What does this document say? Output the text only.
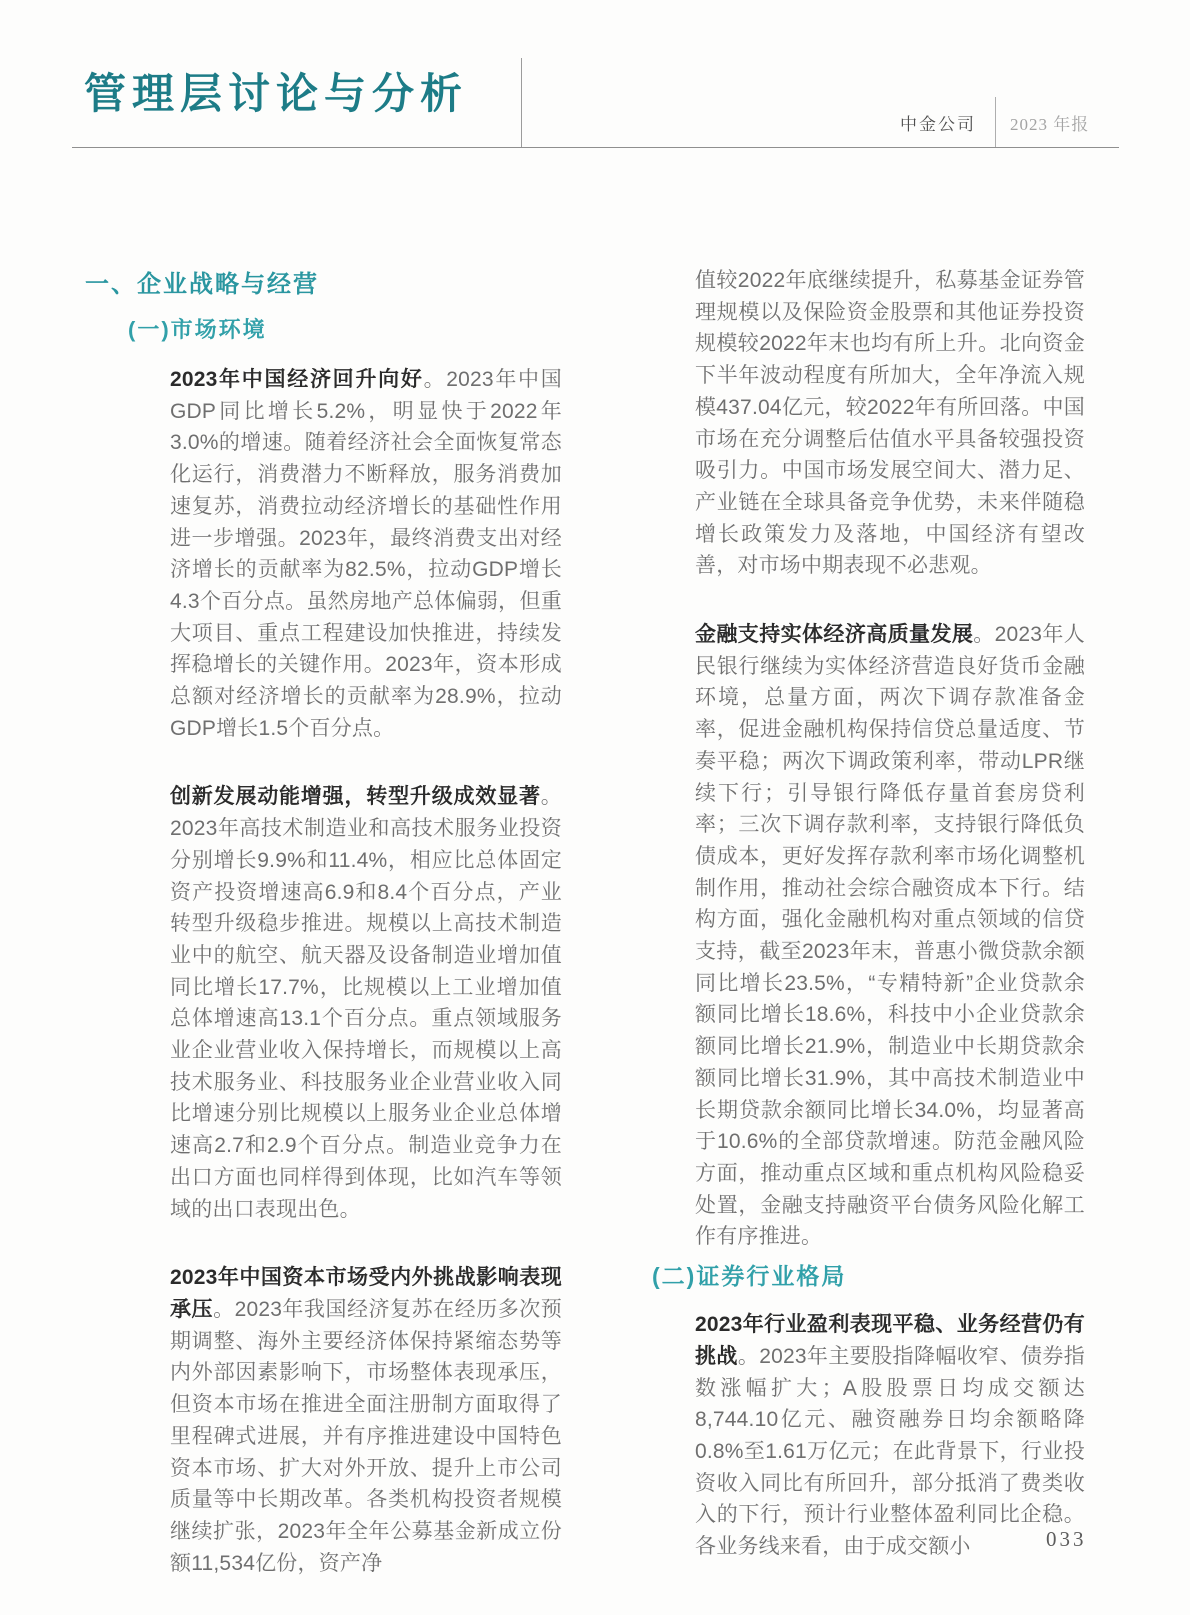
管理层讨论与分析
中金公司 2023 年报
一、企业战略与经营
(一)市场环境

2023年中国经济回升向好。2023年中国GDP同比增长5.2%，明显快于2022年3.0%的增速。随着经济社会全面恢复常态化运行，消费潜力不断释放，服务消费加速复苏，消费拉动经济增长的基础性作用进一步增强。2023年，最终消费支出对经济增长的贡献率为82.5%，拉动GDP增长4.3个百分点。虽然房地产总体偏弱，但重大项目、重点工程建设加快推进，持续发挥稳增长的关键作用。2023年，资本形成总额对经济增长的贡献率为28.9%，拉动GDP增长1.5个百分点。

创新发展动能增强，转型升级成效显著。2023年高技术制造业和高技术服务业投资分别增长9.9%和11.4%，相应比总体固定资产投资增速高6.9和8.4个百分点，产业转型升级稳步推进。规模以上高技术制造业中的航空、航天器及设备制造业增加值同比增长17.7%，比规模以上工业增加值总体增速高13.1个百分点。重点领域服务业企业营业收入保持增长，而规模以上高技术服务业、科技服务业企业营业收入同比增速分别比规模以上服务业企业总体增速高2.7和2.9个百分点。制造业竞争力在出口方面也同样得到体现，比如汽车等领域的出口表现出色。

2023年中国资本市场受内外挑战影响表现承压。2023年我国经济复苏在经历多次预期调整、海外主要经济体保持紧缩态势等内外部因素影响下，市场整体表现承压，但资本市场在推进全面注册制方面取得了里程碑式进展，并有序推进建设中国特色资本市场、扩大对外开放、提升上市公司质量等中长期改革。各类机构投资者规模继续扩张，2023年全年公募基金新成立份额11,534亿份，资产净

值较2022年底继续提升，私募基金证券管理规模以及保险资金股票和其他证券投资规模较2022年末也均有所上升。北向资金下半年波动程度有所加大，全年净流入规模437.04亿元，较2022年有所回落。中国市场在充分调整后估值水平具备较强投资吸引力。中国市场发展空间大、潜力足、产业链在全球具备竞争优势，未来伴随稳增长政策发力及落地，中国经济有望改善，对市场中期表现不必悲观。

金融支持实体经济高质量发展。2023年人民银行继续为实体经济营造良好货币金融环境，总量方面，两次下调存款准备金率，促进金融机构保持信贷总量适度、节奏平稳；两次下调政策利率，带动LPR继续下行；引导银行降低存量首套房贷利率；三次下调存款利率，支持银行降低负债成本，更好发挥存款利率市场化调整机制作用，推动社会综合融资成本下行。结构方面，强化金融机构对重点领域的信贷支持，截至2023年末，普惠小微贷款余额同比增长23.5%，“专精特新”企业贷款余额同比增长18.6%，科技中小企业贷款余额同比增长21.9%，制造业中长期贷款余额同比增长31.9%，其中高技术制造业中长期贷款余额同比增长34.0%，均显著高于10.6%的全部贷款增速。防范金融风险方面，推动重点区域和重点机构风险稳妥处置，金融支持融资平台债务风险化解工作有序推进。

(二)证券行业格局

2023年行业盈利表现平稳、业务经营仍有挑战。2023年主要股指降幅收窄、债券指数涨幅扩大；A股股票日均成交额达8,744.10亿元、融资融券日均余额略降0.8%至1.61万亿元；在此背景下，行业投资收入同比有所回升，部分抵消了费类收入的下行，预计行业整体盈利同比企稳。各业务线来看，由于成交额小	033
